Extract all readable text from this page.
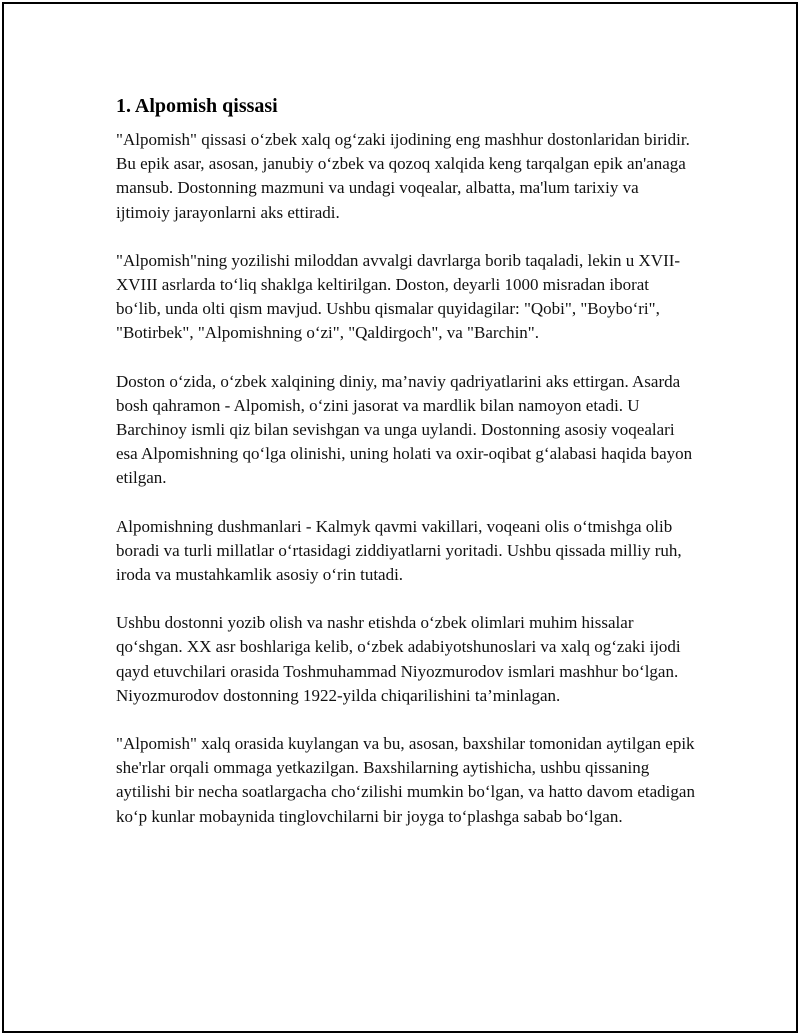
1. Alpomish qissasi

"Alpomish" qissasi o‘zbek xalq og‘zaki ijodining eng mashhur dostonlaridan biridir. Bu epik asar, asosan, janubiy o‘zbek va qozoq xalqida keng tarqalgan epik an'anaga mansub. Dostonning mazmuni va undagi voqealar, albatta, ma'lum tarixiy va ijtimoiy jarayonlarni aks ettiradi.

"Alpomish"ning yozilishi miloddan avvalgi davrlarga borib taqaladi, lekin u XVII-XVIII asrlarda to‘liq shaklga keltirilgan. Doston, deyarli 1000 misradan iborat bo‘lib, unda olti qism mavjud. Ushbu qismalar quyidagilar: "Qobi", "Boybo‘ri", "Botirbek", "Alpomishning o‘zi", "Qaldirgoch", va "Barchin".

Doston o‘zida, o‘zbek xalqining diniy, ma’naviy qadriyatlarini aks ettirgan. Asarda bosh qahramon - Alpomish, o‘zini jasorat va mardlik bilan namoyon etadi. U Barchinoy ismli qiz bilan sevishgan va unga uylandi. Dostonning asosiy voqealari esa Alpomishning qo‘lga olinishi, uning holati va oxir-oqibat g‘alabasi haqida bayon etilgan.

Alpomishning dushmanlari - Kalmyk qavmi vakillari, voqeani olis o‘tmishga olib boradi va turli millatlar o‘rtasidagi ziddiyatlarni yoritadi. Ushbu qissada milliy ruh, iroda va mustahkamlik asosiy o‘rin tutadi.

Ushbu dostonni yozib olish va nashr etishda o‘zbek olimlari muhim hissalar qo‘shgan. XX asr boshlariga kelib, o‘zbek adabiyotshunoslari va xalq og‘zaki ijodi qayd etuvchilari orasida Toshmuhammad Niyozmurodov ismlari mashhur bo‘lgan. Niyozmurodov dostonning 1922-yilda chiqarilishini ta’minlagan.

"Alpomish" xalq orasida kuylangan va bu, asosan, baxshilar tomonidan aytilgan epik she'rlar orqali ommaga yetkazilgan. Baxshilarning aytishicha, ushbu qissaning aytilishi bir necha soatlargacha cho‘zilishi mumkin bo‘lgan, va hatto davom etadigan ko‘p kunlar mobaynida tinglovchilarni bir joyga to‘plashga sabab bo‘lgan.
